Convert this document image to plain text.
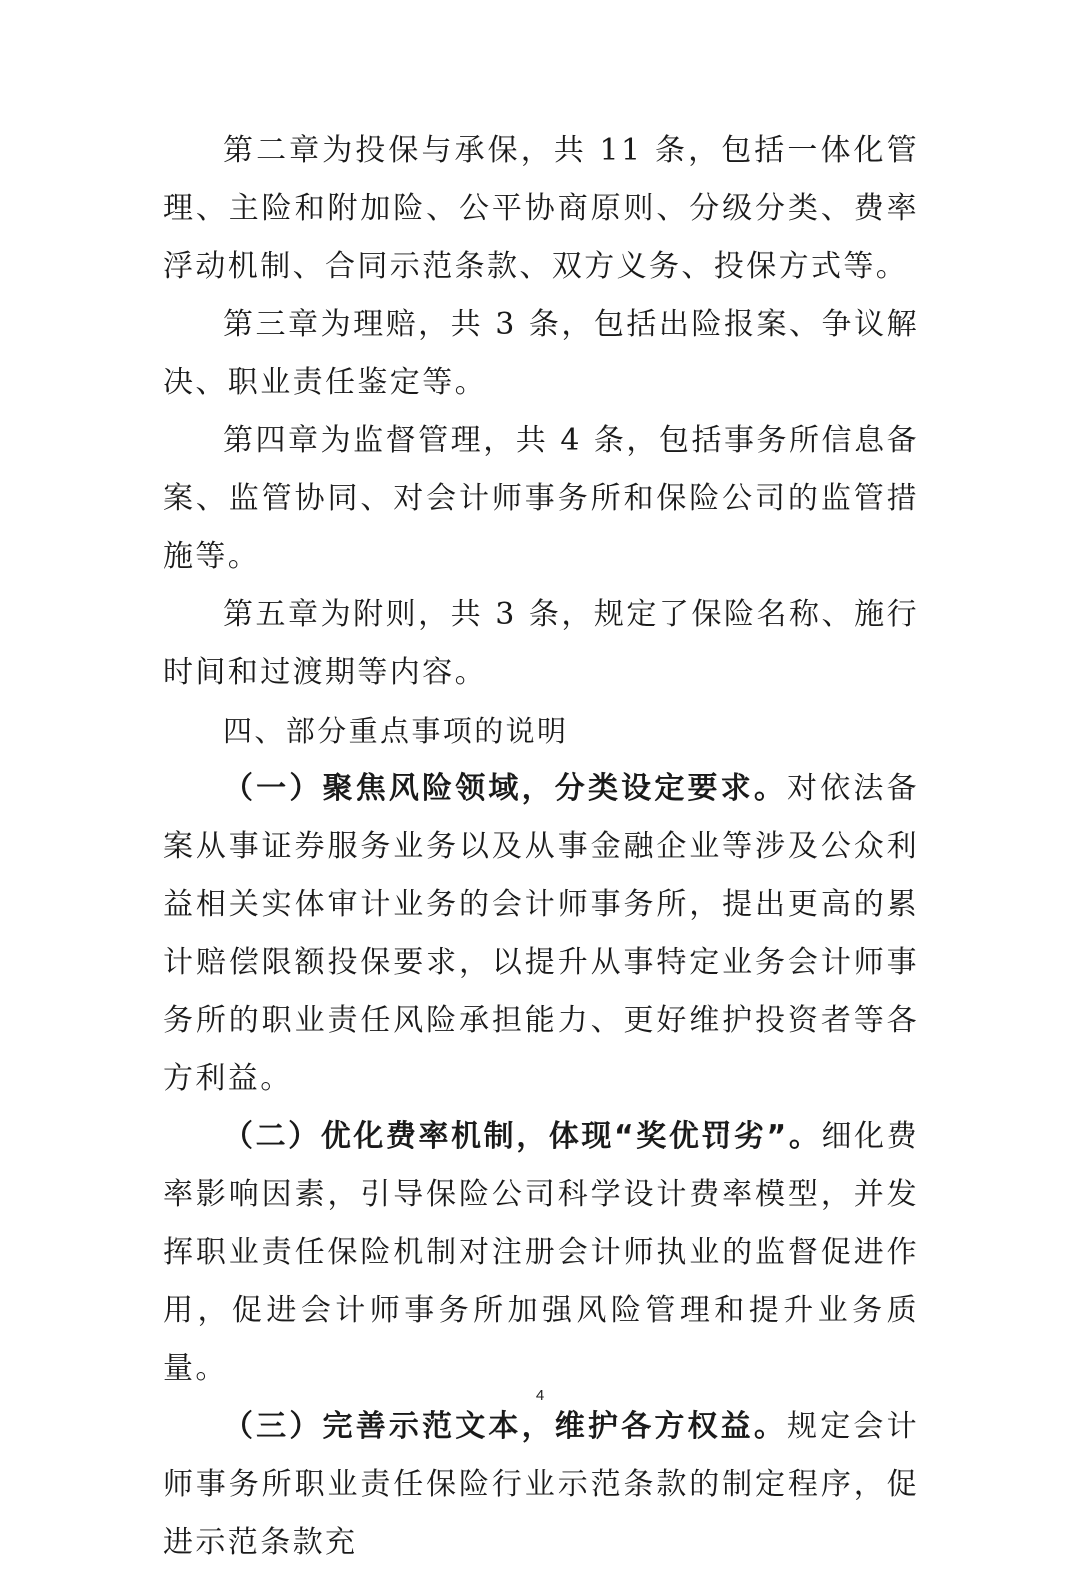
第二章为投保与承保，共 11 条，包括一体化管理、主险和附加险、公平协商原则、分级分类、费率浮动机制、合同示范条款、双方义务、投保方式等。

第三章为理赔，共 3 条，包括出险报案、争议解决、职业责任鉴定等。

第四章为监督管理，共 4 条，包括事务所信息备案、监管协同、对会计师事务所和保险公司的监管措施等。

第五章为附则，共 3 条，规定了保险名称、施行时间和过渡期等内容。

四、部分重点事项的说明

（一）聚焦风险领域，分类设定要求。对依法备案从事证券服务业务以及从事金融企业等涉及公众利益相关实体审计业务的会计师事务所，提出更高的累计赔偿限额投保要求，以提升从事特定业务会计师事务所的职业责任风险承担能力、更好维护投资者等各方利益。

（二）优化费率机制，体现“奖优罚劣”。细化费率影响因素，引导保险公司科学设计费率模型，并发挥职业责任保险机制对注册会计师执业的监督促进作用，促进会计师事务所加强风险管理和提升业务质量。

（三）完善示范文本，维护各方权益。规定会计师事务所职业责任保险行业示范条款的制定程序，促进示范条款充

4
